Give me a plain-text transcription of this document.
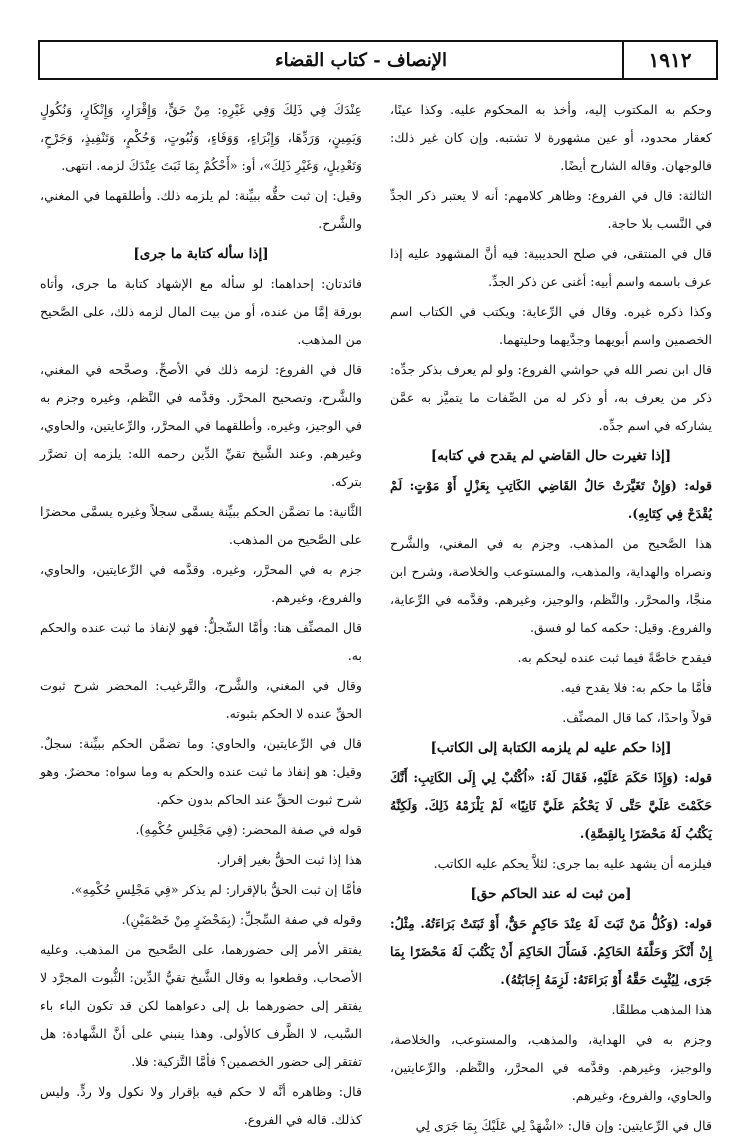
١٩١٢
الإنصاف - كتاب القضاء
وحكم به المكتوب إليه، وأخذ به المحكوم عليه. وكذا عينًا، كعقار محدود، أو عين مشهورة لا تشتبه. وإن كان غير ذلك: فالوجهان. وقاله الشارح أيضًا.
الثالثة: قال في الفروع: وظاهر كلامهم: أنه لا يعتبر ذكر الجدِّ في النَّسب بلا حاجة.
قال في المنتقى، في صلح الحديبية: فيه أنَّ المشهود عليه إذا عرف باسمه واسم أبيه: أغنى عن ذكر الجدِّ.
وكذا ذكره غيره. وقال في الرِّعاية: ويكتب في الكتاب اسم الخصمين واسم أبويهما وجدَّيهما وحليتهما.
قال ابن نصر الله في حواشي الفروع: ولو لم يعرف بذكر جدِّه: ذكر من يعرف به، أو ذكر له من الصِّفات ما يتميَّز به عمَّن يشاركه في اسم جدِّه.
[إذا تغيرت حال القاضي لم يقدح في كتابه]
قوله: (وَإِنْ تَغَيَّرَتْ حَالُ القَاضِي الكَاتِبِ بِعَزْلٍ أَوْ مَوْتٍ: لَمْ يُقْدَحْ فِي كِتَابِهِ).
هذا الصَّحيح من المذهب. وجزم به في المغني، والشَّرح ونصراه والهداية، والمذهب، والمستوعب والخلاصة، وشرح ابن منجَّا، والمحرَّر. والنَّظم، والوجيز، وغيرهم. وقدَّمه في الرِّعاية، والفروع. وقيل: حكمه كما لو فسق.
فيقدح خاصَّةً فيما ثبت عنده ليحكم به.
فأمَّا ما حكم به: فلا يقدح فيه.
قولاً واحدًا، كما قال المصنِّف.
[إذا حكم عليه لم يلزمه الكتابة إلى الكاتب]
قوله: (وَإِذَا حَكَمَ عَلَيْهِ، فَقَالَ لَهُ: «اُكْتُبْ لِي إِلَى الكَاتِبِ: أَنَّكَ حَكَمْتَ عَلَيَّ حَتَّى لَا يَحْكُمَ عَلَيَّ ثَانِيًا» لَمْ يَلْزَمْهُ ذَلِكَ. وَلَكِنَّهُ يَكْتُبُ لَهُ مَحْضَرًا بِالقِصَّةِ).
فيلزمه أن يشهد عليه بما جرى: لئلاَّ يحكم عليه الكاتب.
[من ثبت له عند الحاكم حق]
قوله: (وَكُلُّ مَنْ ثَبَتَ لَهُ عِنْدَ حَاكِمٍ حَقٌّ، أَوْ ثَبَتَتْ بَرَاءَتُهُ. مِثْلُ: إِنْ أَنْكَرَ وَحَلَّفَهُ الحَاكِمُ. فَسَأَلَ الحَاكِمَ أَنْ يَكْتُبَ لَهُ مَحْضَرًا بِمَا جَرَى، لِيُثْبِتَ حَقَّهُ أَوْ بَرَاءَتَهُ: لَزِمَهُ إِجَابَتُهُ).
هذا المذهب مطلقًا.
وجزم به في الهداية، والمذهب، والمستوعب، والخلاصة، والوجيز، وغيرهم. وقدَّمه في المحرَّر، والنَّظم. والرِّعايتين، والحاوي، والفروع، وغيرهم.
قال في الرِّعايتين: وإن قال: «اشْهَدْ لِي عَلَيْكَ بِمَا جَرَى لِي
عِنْدَكَ فِي ذَلِكَ وَفِي غَيْرِهِ: مِنْ حَقٍّ، وَإِقْرَارٍ، وَإِنْكَارٍ، وَنُكُولٍ وَيَمِينٍ، وَرَدِّهَا، وَإِبْرَاءٍ، وَوَفَاءٍ، وَثُبُوتٍ، وَحُكْمٍ، وَتَنْفِيذٍ، وَجَرْحٍ، وَتَعْدِيلٍ، وَغَيْرِ ذَلِكَ»، أو: «أَحْكُمْ بِمَا ثَبَتَ عِنْدَكَ لزمه. انتهى.
وقيل: إن ثبت حقُّه ببيِّنة: لم يلزمه ذلك. وأطلقهما في المغني، والشَّرح.
[إذا سأله كتابة ما جرى]
فائدتان: إحداهما: لو سأله مع الإشهاد كتابة ما جرى، وأتاه بورقة إمَّا من عنده، أو من بيت المال لزمه ذلك، على الصَّحيح من المذهب.
قال في الفروع: لزمه ذلك في الأصحِّ. وصحَّحه في المغني، والشَّرح، وتصحيح المحرَّر. وقدَّمه في النَّظم، وغيره وجزم به في الوجيز، وغيره. وأطلقهما في المحرَّر، والرِّعايتين، والحاوي، وغيرهم. وعند الشَّيخ تقيِّ الدِّين رحمه الله: يلزمه إن تضرَّر بتركه.
الثَّانية: ما تضمَّن الحكم ببيِّنة يسمَّى سجلاً وغيره يسمَّى محضرًا على الصَّحيح من المذهب.
جزم به في المحرَّر، وغيره. وقدَّمه في الرِّعايتين، والحاوي، والفروع، وغيرهم.
قال المصنِّف هنا: وأمَّا السِّجلُّ: فهو لإنفاذ ما ثبت عنده والحكم به.
وقال في المغني، والشَّرح، والتَّرغيب: المحضر شرح ثبوت الحقِّ عنده لا الحكم بثبوته.
قال في الرِّعايتين، والحاوي: وما تضمَّن الحكم ببيِّنة: سجلٌ. وقيل: هو إنفاذ ما ثبت عنده والحكم به وما سواه: محضرٌ. وهو شرح ثبوت الحقِّ عند الحاكم بدون حكم.
قوله في صفة المحضر: (فِي مَجْلِسِ حُكْمِهِ).
هذا إذا ثبت الحقُّ بغير إقرار.
فأمَّا إن ثبت الحقُّ بالإقرار: لم يذكر «فِي مَجْلِسِ حُكْمِهِ».
وقوله في صفة السِّجلِّ: (بِمَحْضَرٍ مِنْ خَصْمَيْنِ).
يفتقر الأمر إلى حضورهما، على الصَّحيح من المذهب. وعليه الأصحاب. وقطعوا به وقال الشَّيخ تقيُّ الدِّين: الثُّبوت المجرَّد لا يفتقر إلى حضورهما بل إلى دعواهما لكن قد تكون الباء باء السَّبب، لا الظَّرف كالأولى. وهذا ينبني على أنَّ الشَّهادة: هل تفتقر إلى حضور الخصمين؟ فأمَّا التَّزكية: فلا.
قال: وظاهره أنَّه لا حكم فيه بإقرار ولا نكول ولا ردٍّ. وليس كذلك. قاله في الفروع.
